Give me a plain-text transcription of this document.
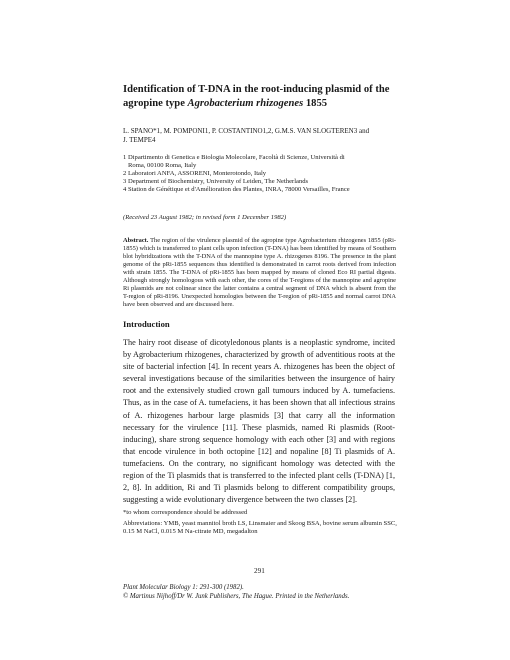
Identification of T-DNA in the root-inducing plasmid of the
agropine type Agrobacterium rhizogenes 1855
L. SPANO*1, M. POMPONI1, P. COSTANTINO1,2, G.M.S. VAN SLOGTEREN3 and
J. TEMPE4
1 Dipartimento di Genetica e Biologia Molecolare, Facoltà di Scienze, Università di
Roma, 00100 Roma, Italy
2 Laboratori ANFA, ASSORENI, Monterotondo, Italy
3 Department of Biochemistry, University of Leiden, The Netherlands
4 Station de Génétique et d'Amélioration des Plantes, INRA, 78000 Versailles, France
(Received 23 August 1982; in revised form 1 December 1982)
Abstract. The region of the virulence plasmid of the agropine type Agrobacterium rhizogenes 1855 (pRi-1855) which is transferred to plant cells upon infection (T-DNA) has been identified by means of Southern blot hybridizations with the T-DNA of the mannopine type A. rhizogenes 8196. The presence in the plant genome of the pRi-1855 sequences thus identified is demonstrated in carrot roots derived from infection with strain 1855. The T-DNA of pRi-1855 has been mapped by means of cloned Eco RI partial digests. Although strongly homologous with each other, the cores of the T-regions of the mannopine and agropine Ri plasmids are not colinear since the latter contains a central segment of DNA which is absent from the T-region of pRi-8196. Unexpected homologies between the T-region of pRi-1855 and normal carrot DNA have been observed and are discussed here.
Introduction
The hairy root disease of dicotyledonous plants is a neoplastic syndrome, incited by Agrobacterium rhizogenes, characterized by growth of adventitious roots at the site of bacterial infection [4]. In recent years A. rhizogenes has been the object of several investigations because of the similarities between the insurgence of hairy root and the extensively studied crown gall tumours induced by A. tumefaciens. Thus, as in the case of A. tumefaciens, it has been shown that all infectious strains of A. rhizogenes harbour large plasmids [3] that carry all the information necessary for the virulence [11]. These plasmids, named Ri plasmids (Root-inducing), share strong sequence homology with each other [3] and with regions that encode virulence in both octopine [12] and nopaline [8] Ti plasmids of A. tumefaciens. On the contrary, no significant homology was detected with the region of the Ti plasmids that is transferred to the infected plant cells (T-DNA) [1, 2, 8]. In addition, Ri and Ti plasmids belong to different compatibility groups, suggesting a wide evolutionary divergence between the two classes [2].
*to whom correspondence should be addressed
Abbreviations: YMB, yeast mannitol broth LS, Linsmaier and Skoog BSA, bovine serum albumin SSC, 0.15 M NaCl, 0.015 M Na-citrate MD, megadalton
291
Plant Molecular Biology 1: 291-300 (1982).
© Martinus Nijhoff/Dr W. Junk Publishers, The Hague. Printed in the Netherlands.
